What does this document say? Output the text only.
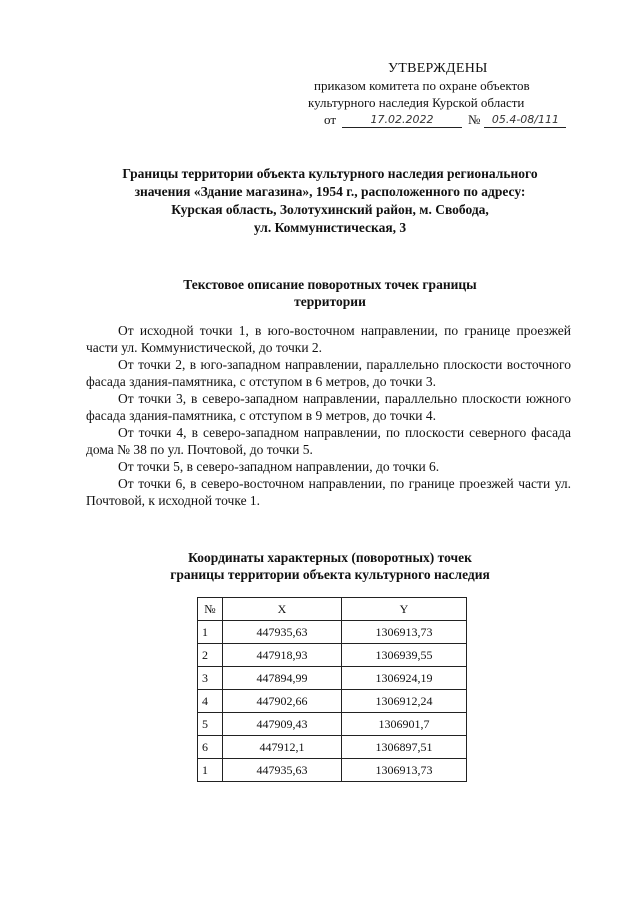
УТВЕРЖДЕНЫ
приказом комитета по охране объектов
культурного наследия Курской области
от	17.02.2022	№	05.4-08/111
Границы территории объекта культурного наследия регионального
значения «Здание магазина», 1954 г., расположенного по адресу:
Курская область, Золотухинский район, м. Свобода,
ул. Коммунистическая, 3
Текстовое описание поворотных точек границы
территории

От исходной точки 1, в юго-восточном направлении, по границе проезжей части ул. Коммунистической, до точки 2.

От точки 2, в юго-западном направлении, параллельно плоскости восточного фасада здания-памятника, с отступом в 6 метров, до точки 3.

От точки 3, в северо-западном направлении, параллельно плоскости южного фасада здания-памятника, с отступом в 9 метров, до точки 4.

От точки 4, в северо-западном направлении, по плоскости северного фасада дома № 38 по ул. Почтовой, до точки 5.

От точки 5, в северо-западном направлении, до точки 6.

От точки 6, в северо-восточном направлении, по границе проезжей части ул. Почтовой, к исходной точке 1.

Координаты характерных (поворотных) точек
границы территории объекта культурного наследия
№	X	Y
1	447935,63	1306913,73
2	447918,93	1306939,55
3	447894,99	1306924,19
4	447902,66	1306912,24
5	447909,43	1306901,7
6	447912,1	1306897,51
1	447935,63	1306913,73
